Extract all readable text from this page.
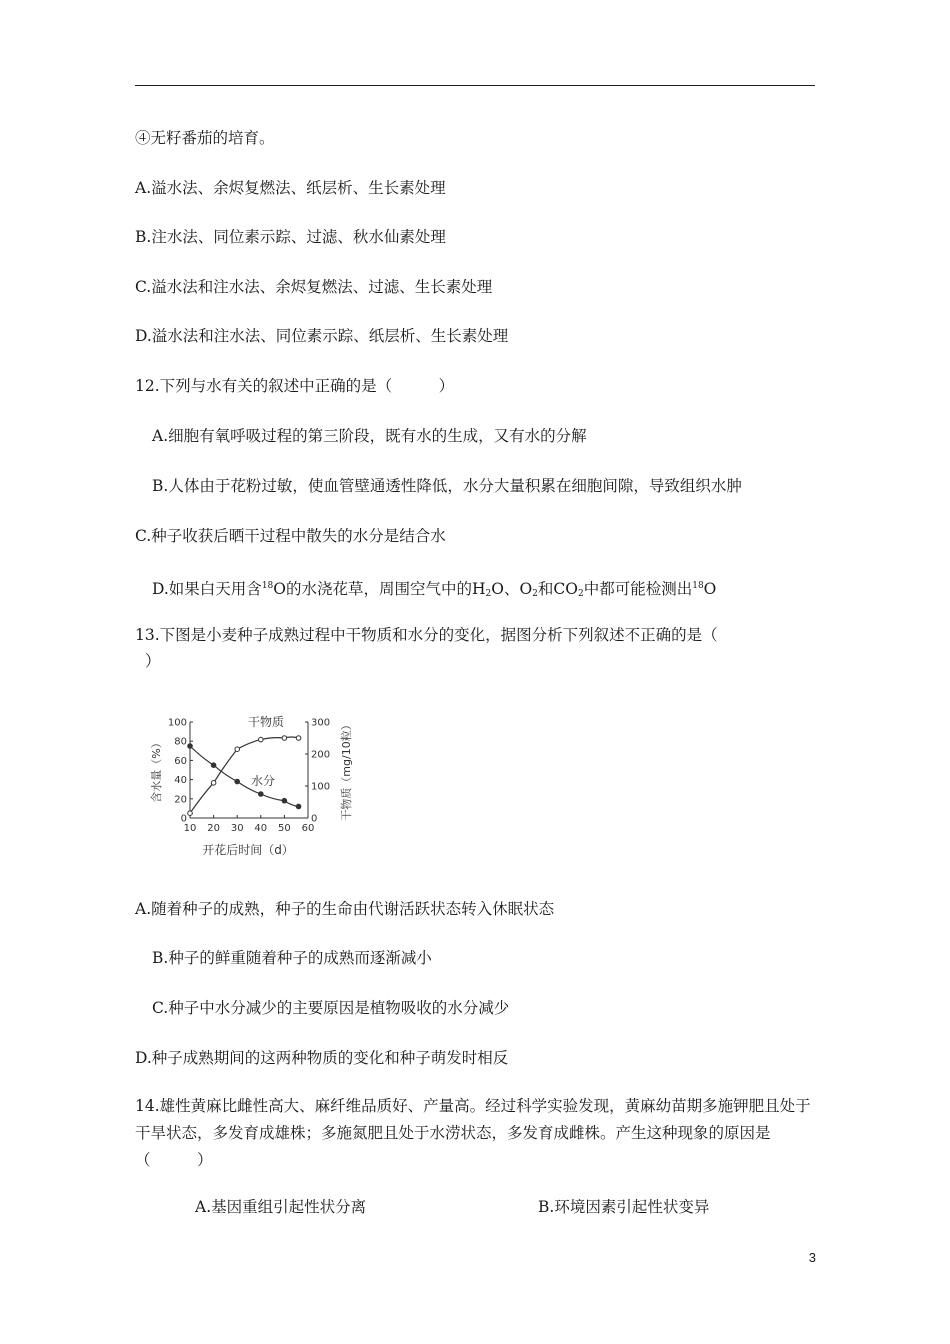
④无籽番茄的培育。
A.溢水法、余烬复燃法、纸层析、生长素处理
B.注水法、同位素示踪、过滤、秋水仙素处理
C.溢水法和注水法、余烬复燃法、过滤、生长素处理
D.溢水法和注水法、同位素示踪、纸层析、生长素处理
12.下列与水有关的叙述中正确的是（　　　）
A.细胞有氧呼吸过程的第三阶段，既有水的生成，又有水的分解
B.人体由于花粉过敏，使血管壁通透性降低，水分大量积累在细胞间隙，导致组织水肿
C.种子收获后晒干过程中散失的水分是结合水
D.如果白天用含$^{18}$O的水浇花草，周围空气中的$H_2O$、$O_2$和$CO_2$中都可能检测出$^{18}$O
13.下图是小麦种子成熟过程中干物质和水分的变化，据图分析下列叙述不正确的是（
）
10 20 30 40 50 60
0
20
40
60
80
100
0
100
200
300
干物质
水分
开花后时间（d）
含水量（%）	干物质（mg/10粒）
A.随着种子的成熟，种子的生命由代谢活跃状态转入休眠状态
B.种子的鲜重随着种子的成熟而逐渐减小
C.种子中水分减少的主要原因是植物吸收的水分减少
D.种子成熟期间的这两种物质的变化和种子萌发时相反
14.雄性黄麻比雌性高大、麻纤维品质好、产量高。经过科学实验发现，黄麻幼苗期多施钾肥且处于干旱状态，多发育成雄株；多施氮肥且处于水涝状态，多发育成雌株。产生这种现象的原因是（　　　）
A.基因重组引起性状分离	B.环境因素引起性状变异
3
